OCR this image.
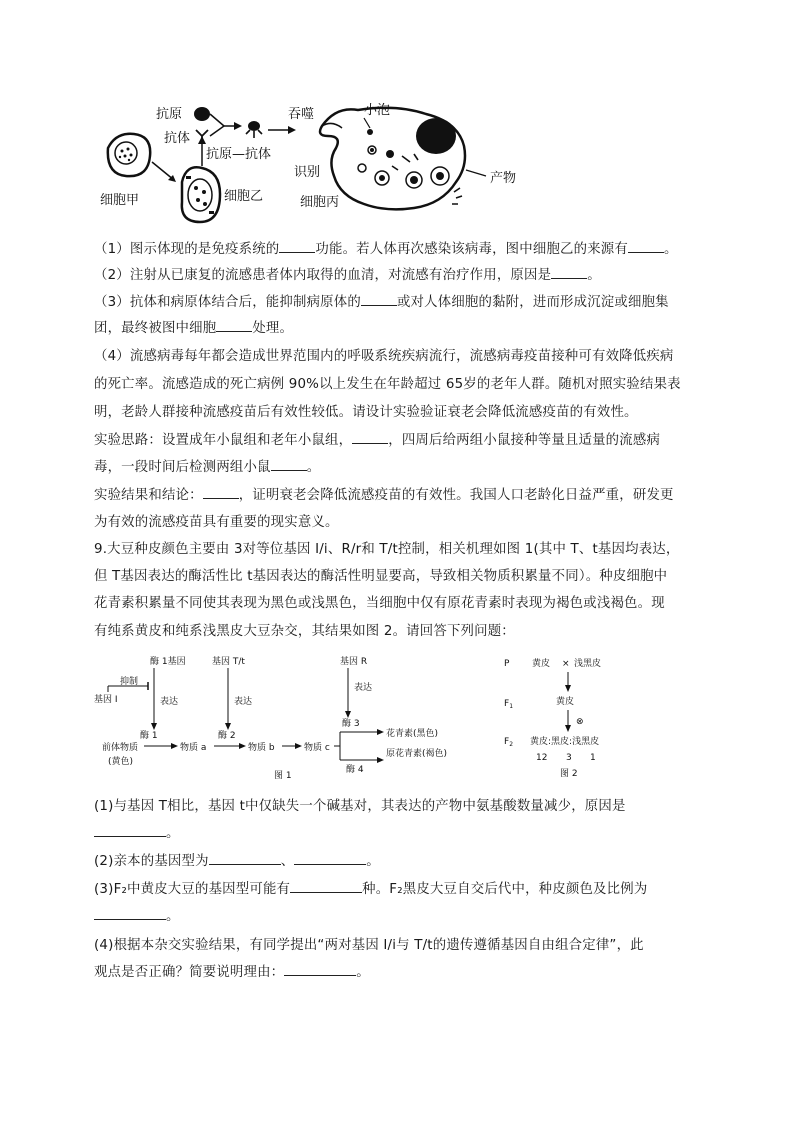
细胞甲	细胞乙
抗原
抗体
抗原—抗体
吞噬
识别
小泡
细胞丙
产物
（1）图示体现的是免疫系统的	功能。若人体再次感染该病毒，图中细胞乙的来源有	。
（2）注射从已康复的流感患者体内取得的血清，对流感有治疗作用，原因是	。
（3）抗体和病原体结合后，能抑制病原体的	或对人体细胞的黏附，进而形成沉淀或细胞集
团，最终被图中细胞	处理。
（4）流感病毒每年都会造成世界范围内的呼吸系统疾病流行，流感病毒疫苗接种可有效降低疾病
的死亡率。流感造成的死亡病例 90%以上发生在年龄超过 65岁的老年人群。随机对照实验结果表
明，老龄人群接种流感疫苗后有效性较低。请设计实验验证衰老会降低流感疫苗的有效性。
实验思路：设置成年小鼠组和老年小鼠组，	，四周后给两组小鼠接种等量且适量的流感病
毒，一段时间后检测两组小鼠	。
实验结果和结论：	，证明衰老会降低流感疫苗的有效性。我国人口老龄化日益严重，研发更
为有效的流感疫苗具有重要的现实意义。
9.大豆种皮颜色主要由 3对等位基因 I/i、R/r和 T/t控制，相关机理如图 1(其中 T、t基因均表达，
但 T基因表达的酶活性比 t基因表达的酶活性明显要高，导致相关物质积累量不同）。种皮细胞中
花青素积累量不同使其表现为黑色或浅黑色，当细胞中仅有原花青素时表现为褐色或浅褐色。现
有纯系黄皮和纯系浅黑皮大豆杂交，其结果如图 2。请回答下列问题：
酶 1基因
表达
酶 1
基因 I
抑制
基因 T/t
表达
酶 2
基因 R
表达
酶 3
前体物质
(黄色)
物质 a	物质 b	物质 c
花青素(黑色)
原花青素(褐色)
酶 4
图 1
P	黄皮 × 浅黑皮
$F_1$	黄皮
⊗
$F_2$ 黄皮:黑皮:浅黑皮
12 3 1
图 2
(1)与基因 T相比，基因 t中仅缺失一个碱基对，其表达的产物中氨基酸数量减少，原因是
。
(2)亲本的基因型为	、	。
(3)F₂中黄皮大豆的基因型可能有	种。F₂黑皮大豆自交后代中，种皮颜色及比例为
。
(4)根据本杂交实验结果，有同学提出“两对基因 I/i与 T/t的遗传遵循基因自由组合定律”，此
观点是否正确？简要说明理由：	。
